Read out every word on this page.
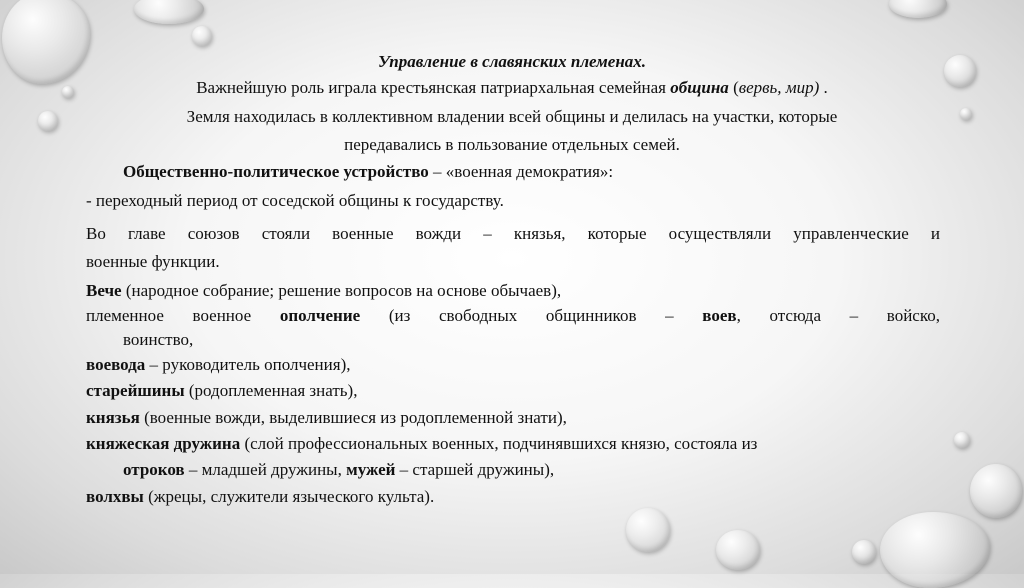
Управление в славянских племенах.
Важнейшую роль играла крестьянская патриархальная семейная община (вервь, мир) .
Земля находилась в коллективном владении всей общины и делилась на участки, которые
передавались в пользование отдельных семей.
Общественно-политическое устройство – «военная демократия»:
- переходный период от соседской общины к государству.
Во главе союзов стояли военные вожди – князья, которые осуществляли управленческие и
военные функции.
Вече (народное собрание; решение вопросов на основе обычаев),
племенное военное ополчение (из свободных общинников – воев, отсюда – войско,
воинство,
воевода – руководитель ополчения),
старейшины (родоплеменная знать),
князья (военные вожди, выделившиеся из родоплеменной знати),
княжеская дружина (слой профессиональных военных, подчинявшихся князю, состояла из
отроков – младшей дружины, мужей – старшей дружины),
волхвы (жрецы, служители языческого культа).
